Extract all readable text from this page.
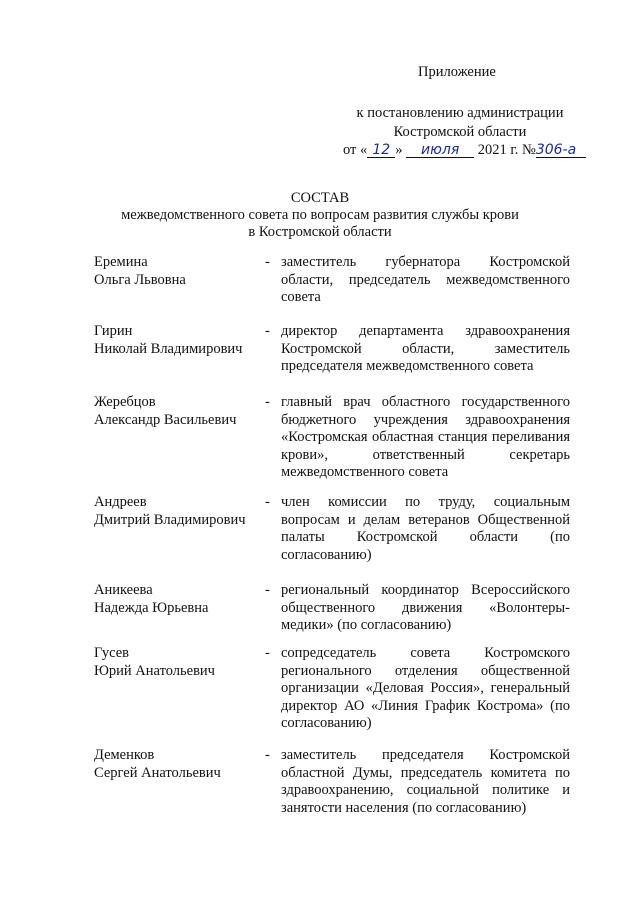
Приложение
к постановлению администрации
Костромской области
от « 12 » июля 2021 г. №306-а
СОСТАВ
межведомственного совета по вопросам развития службы крови
в Костромской области
Еремина
Ольга Львовна
- заместитель губернатора Костромской области, председатель межведомственного совета
Гирин
Николай Владимирович
- директор департамента здравоохранения Костромской области, заместитель председателя межведомственного совета
Жеребцов
Александр Васильевич
- главный врач областного государственного бюджетного учреждения здравоохранения «Костромская областная станция переливания крови», ответственный секретарь межведомственного совета
Андреев
Дмитрий Владимирович
- член комиссии по труду, социальным вопросам и делам ветеранов Общественной палаты Костромской области (по согласованию)
Аникеева
Надежда Юрьевна
- региональный координатор Всероссийского общественного движения «Волонтеры-медики» (по согласованию)
Гусев
Юрий Анатольевич
- сопредседатель совета Костромского регионального отделения общественной организации «Деловая Россия», генеральный директор АО «Линия График Кострома» (по согласованию)
Деменков
Сергей Анатольевич
- заместитель председателя Костромской областной Думы, председатель комитета по здравоохранению, социальной политике и занятости населения (по согласованию)
